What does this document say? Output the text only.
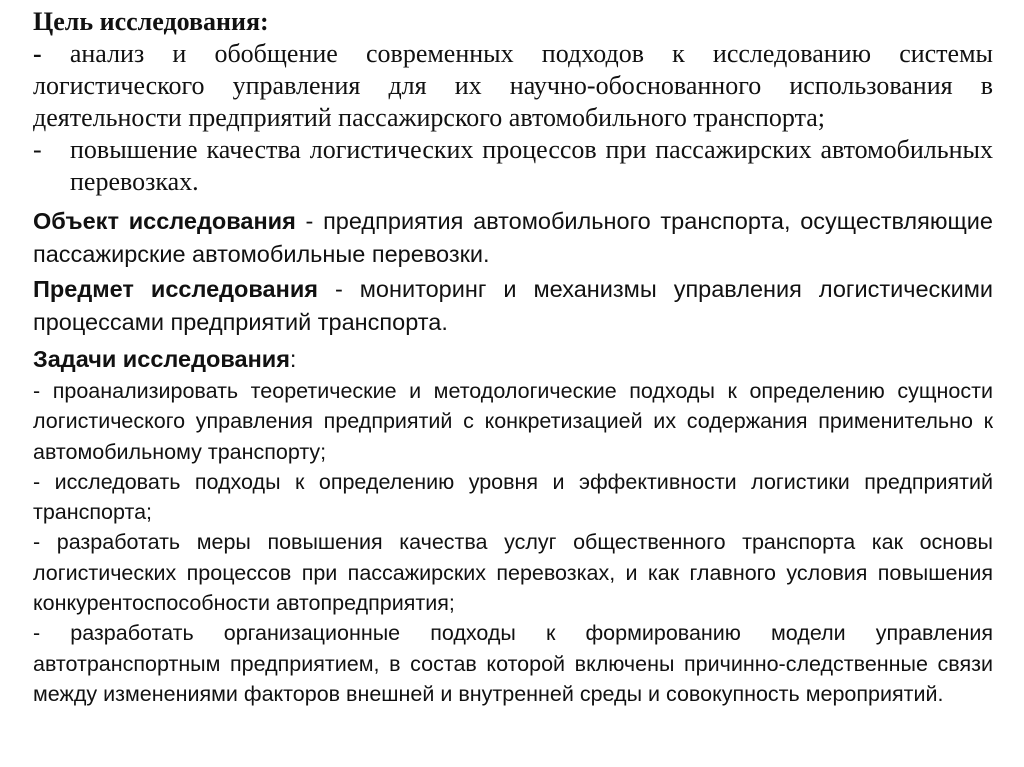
Цель исследования:

- анализ и обобщение современных подходов к исследованию системы логистического управления для их научно-обоснованного использования в деятельности предприятий пассажирского автомобильного транспорта;

-	повышение качества логистических процессов при пассажирских автомобильных перевозках.

Объект исследования - предприятия автомобильного транспорта, осуществляющие пассажирские автомобильные перевозки.

Предмет исследования - мониторинг и механизмы управления логистическими процессами предприятий транспорта.

Задачи исследования:

- проанализировать теоретические и методологические подходы к определению сущности логистического управления предприятий с конкретизацией их содержания применительно к автомобильному транспорту;

- исследовать подходы к определению уровня и эффективности логистики предприятий транспорта;

- разработать меры повышения качества услуг общественного транспорта как основы логистических процессов при пассажирских перевозках, и как главного условия повышения конкурентоспособности автопредприятия;

- разработать организационные подходы к формированию модели управления автотранспортным предприятием, в состав которой включены причинно-следственные связи между изменениями факторов внешней и внутренней среды и совокупность мероприятий.
